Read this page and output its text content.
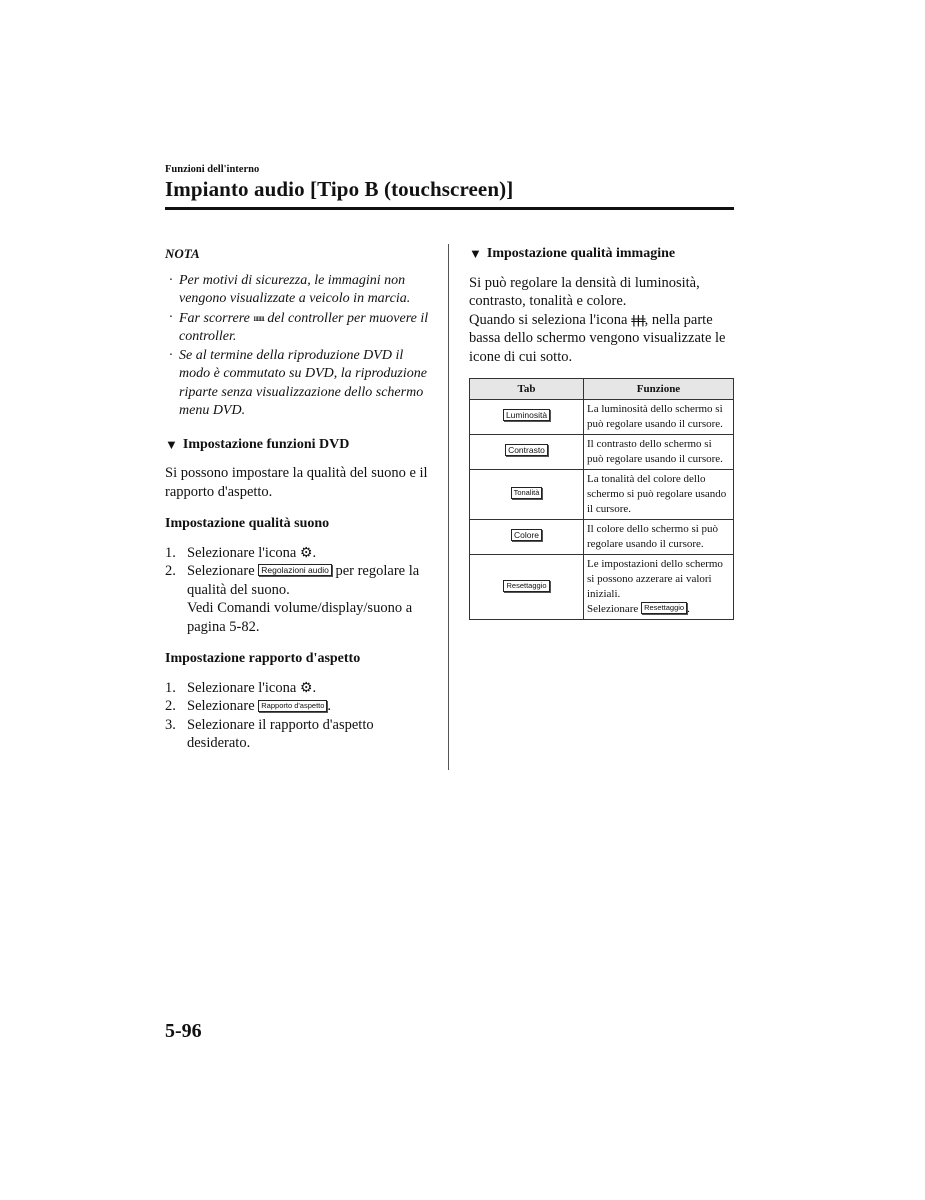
Funzioni dell'interno
Impianto audio [Tipo B (touchscreen)]
NOTA
· Per motivi di sicurezza, le immagini non vengono visualizzate a veicolo in marcia.
· Far scorrere ııııııı del controller per muovere il controller.
· Se al termine della riproduzione DVD il modo è commutato su DVD, la riproduzione riparte senza visualizzazione dello schermo menu DVD.
▼ Impostazione funzioni DVD

Si possono impostare la qualità del suono e il rapporto d'aspetto.

Impostazione qualità suono
1. Selezionare l'icona ⚙.
2. Selezionare Regolazioni audio per regolare la qualità del suono.
Vedi Comandi volume/display/suono a pagina 5-82.
Impostazione rapporto d'aspetto
1. Selezionare l'icona ⚙.
2. Selezionare Rapporto d'aspetto .
3. Selezionare il rapporto d'aspetto desiderato.
▼ Impostazione qualità immagine

Si può regolare la densità di luminosità, contrasto, tonalità e colore.

Quando si seleziona l'icona ǂǂǂ, nella parte bassa dello schermo vengono visualizzate le icone di cui sotto.

Tab	Funzione
Luminosità	La luminosità dello schermo si può regolare usando il cursore.
Contrasto	Il contrasto dello schermo si può regolare usando il cursore.
Tonalità	La tonalità del colore dello schermo si può regolare usando il cursore.
Colore	Il colore dello schermo si può regolare usando il cursore.
Resettaggio	Le impostazioni dello schermo si possono azzerare ai valori iniziali.
Selezionare Resettaggio .
5-96
